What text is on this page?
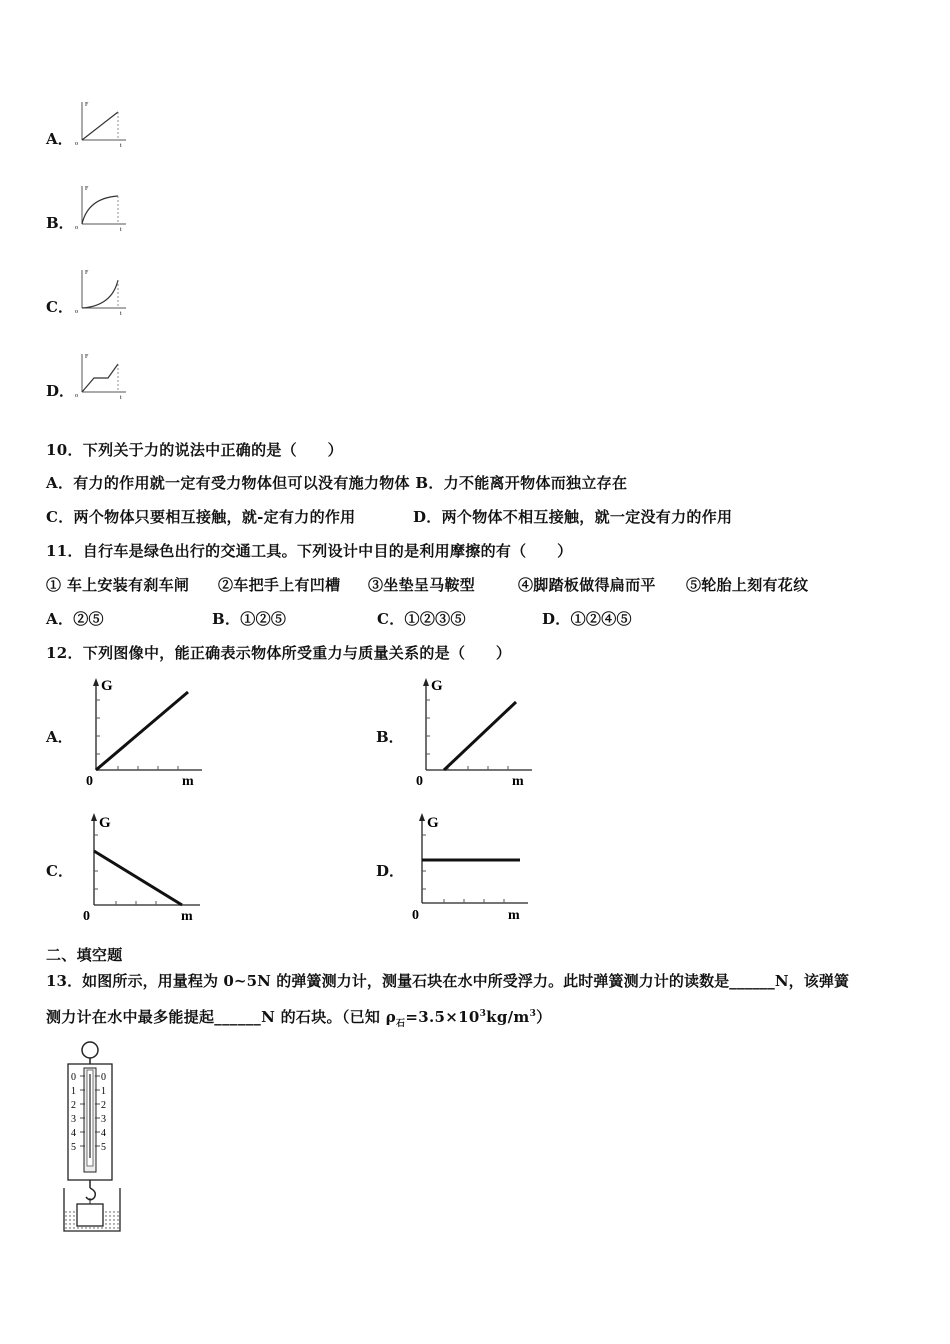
A．
F
o	t
B．
F
o	t
C．
F
o	t
D．
F
o	t
10．下列关于力的说法中正确的是（　　）
A．有力的作用就一定有受力物体但可以没有施力物体 B．力不能离开物体而独立存在
C．两个物体只要相互接触，就-定有力的作用	D．两个物体不相互接触，就一定没有力的作用
11．自行车是绿色出行的交通工具。下列设计中目的是利用摩擦的有（　　）
① 车上安装有刹车闸 ②车把手上有凹槽 ③坐垫呈马鞍型	④脚踏板做得扁而平 ⑤轮胎上刻有花纹
A．②⑤	B．①②⑤	C．①②③⑤	D．①②④⑤
12．下列图像中，能正确表示物体所受重力与质量关系的是（　　）
A．
G
0	m
B．
G
0	m
C．
G
0	m
D．
G
0	m
二、填空题
13．如图所示，用量程为 0~5N 的弹簧测力计，测量石块在水中所受浮力。此时弹簧测力计的读数是______N，该弹簧
测力计在水中最多能提起______N 的石块。（已知 $\rho_石=3.5\times 10^3kg/m^3$）
0
1
2
3
4
5
0
1
2
3
4
5
